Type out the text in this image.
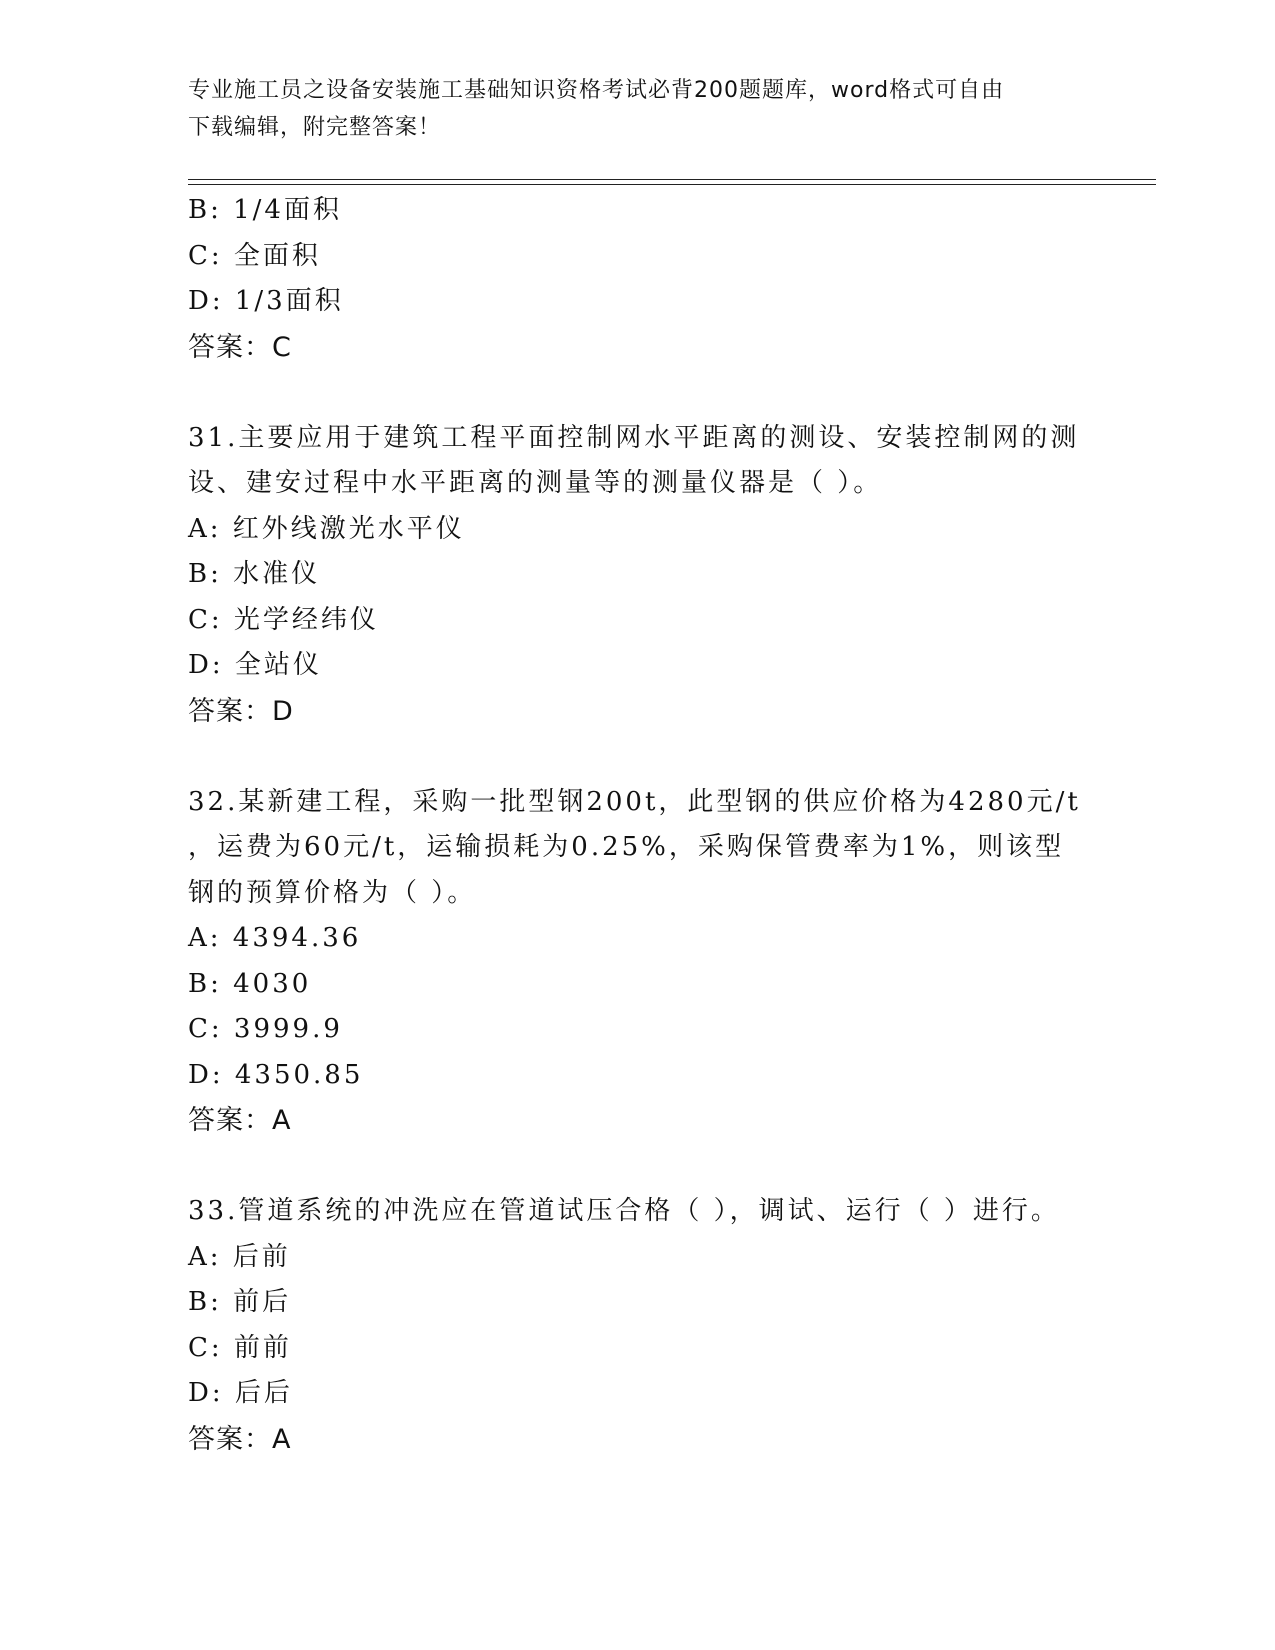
专业施工员之设备安装施工基础知识资格考试必背200题题库，word格式可自由
下载编辑，附完整答案！
B: 1/4面积
C: 全面积
D: 1/3面积
答案：C
31.主要应用于建筑工程平面控制网水平距离的测设、安装控制网的测
设、建安过程中水平距离的测量等的测量仪器是（ ）。
A: 红外线激光水平仪
B: 水准仪
C: 光学经纬仪
D: 全站仪
答案：D
32.某新建工程，采购一批型钢200t，此型钢的供应价格为4280元/t
，运费为60元/t，运输损耗为0.25%，采购保管费率为1%，则该型
钢的预算价格为（ ）。
A: 4394.36
B: 4030
C: 3999.9
D: 4350.85
答案：A
33.管道系统的冲洗应在管道试压合格（ ），调试、运行（ ）进行。
A: 后前
B: 前后
C: 前前
D: 后后
答案：A
